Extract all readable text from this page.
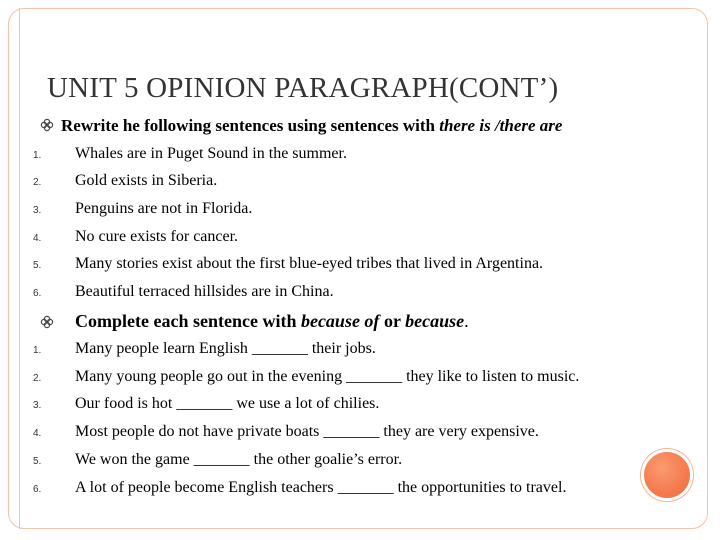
UNIT 5 OPINION PARAGRAPH(CONT’)
Rewrite he following sentences using sentences with there is /there are
1. Whales are in Puget Sound in the summer.
2. Gold exists in Siberia.
3. Penguins are not in Florida.
4. No cure exists for cancer.
5. Many stories exist about the first blue-eyed tribes that lived in Argentina.
6. Beautiful terraced hillsides are in China.
Complete each sentence with because of or because.
1. Many people learn English _______ their jobs.
2. Many young people go out in the evening _______ they like to listen to music.
3. Our food is hot _______ we use a lot of chilies.
4. Most people do not have private boats _______ they are very expensive.
5. We won the game _______ the other goalie’s error.
6. A lot of people become English teachers _______ the opportunities to travel.
